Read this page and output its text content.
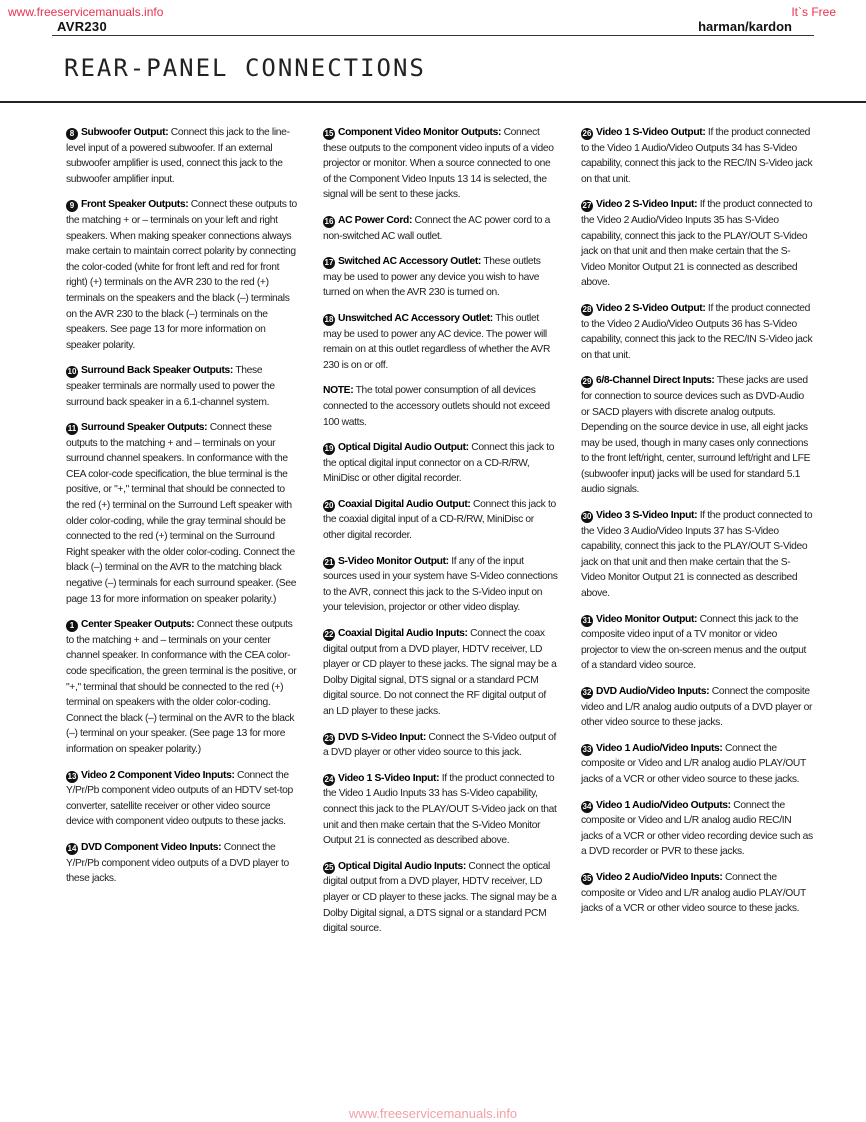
www.freeservicemanuals.info	It`s Free
AVR230	harman/kardon
REAR-PANEL CONNECTIONS

8 Subwoofer Output: Connect this jack to the line-level input of a powered subwoofer. If an external subwoofer amplifier is used, connect this jack to the subwoofer amplifier input.

9 Front Speaker Outputs: Connect these outputs to the matching + or – terminals on your left and right speakers. When making speaker connections always make certain to maintain correct polarity by connecting the color-coded (white for front left and red for front right) (+) terminals on the AVR 230 to the red (+) terminals on the speakers and the black (–) terminals on the AVR 230 to the black (–) terminals on the speakers. See page 13 for more information on speaker polarity.

10 Surround Back Speaker Outputs: These speaker terminals are normally used to power the surround back speaker in a 6.1-channel system.

11 Surround Speaker Outputs: Connect these outputs to the matching + and – terminals on your surround channel speakers. In conformance with the CEA color-code specification, the blue terminal is the positive, or "+," terminal that should be connected to the red (+) terminal on the Surround Left speaker with older color-coding, while the gray terminal should be connected to the red (+) terminal on the Surround Right speaker with the older color-coding. Connect the black (–) terminal on the AVR to the matching black negative (–) terminals for each surround speaker. (See page 13 for more information on speaker polarity.)

1 Center Speaker Outputs: Connect these outputs to the matching + and – terminals on your center channel speaker. In conformance with the CEA color-code specification, the green terminal is the positive, or "+," terminal that should be connected to the red (+) terminal on speakers with the older color-coding. Connect the black (–) terminal on the AVR to the black (–) terminal on your speaker. (See page 13 for more information on speaker polarity.)

13 Video 2 Component Video Inputs: Connect the Y/Pr/Pb component video outputs of an HDTV set-top converter, satellite receiver or other video source device with component video outputs to these jacks.

14 DVD Component Video Inputs: Connect the Y/Pr/Pb component video outputs of a DVD player to these jacks.

15 Component Video Monitor Outputs: Connect these outputs to the component video inputs of a video projector or monitor. When a source connected to one of the Component Video Inputs 13 14 is selected, the signal will be sent to these jacks.

16 AC Power Cord: Connect the AC power cord to a non-switched AC wall outlet.

17 Switched AC Accessory Outlet: These outlets may be used to power any device you wish to have turned on when the AVR 230 is turned on.

18 Unswitched AC Accessory Outlet: This outlet may be used to power any AC device. The power will remain on at this outlet regardless of whether the AVR 230 is on or off.

NOTE: The total power consumption of all devices connected to the accessory outlets should not exceed 100 watts.

19 Optical Digital Audio Output: Connect this jack to the optical digital input connector on a CD-R/RW, MiniDisc or other digital recorder.

20 Coaxial Digital Audio Output: Connect this jack to the coaxial digital input of a CD-R/RW, MiniDisc or other digital recorder.

21 S-Video Monitor Output: If any of the input sources used in your system have S-Video connections to the AVR, connect this jack to the S-Video input on your television, projector or other video display.

22 Coaxial Digital Audio Inputs: Connect the coax digital output from a DVD player, HDTV receiver, LD player or CD player to these jacks. The signal may be a Dolby Digital signal, DTS signal or a standard PCM digital source. Do not connect the RF digital output of an LD player to these jacks.

23 DVD S-Video Input: Connect the S-Video output of a DVD player or other video source to this jack.

24 Video 1 S-Video Input: If the product connected to the Video 1 Audio Inputs 33 has S-Video capability, connect this jack to the PLAY/OUT S-Video jack on that unit and then make certain that the S-Video Monitor Output 21 is connected as described above.

25 Optical Digital Audio Inputs: Connect the optical digital output from a DVD player, HDTV receiver, LD player or CD player to these jacks. The signal may be a Dolby Digital signal, a DTS signal or a standard PCM digital source.

26 Video 1 S-Video Output: If the product connected to the Video 1 Audio/Video Outputs 34 has S-Video capability, connect this jack to the REC/IN S-Video jack on that unit.

27 Video 2 S-Video Input: If the product connected to the Video 2 Audio/Video Inputs 35 has S-Video capability, connect this jack to the PLAY/OUT S-Video jack on that unit and then make certain that the S-Video Monitor Output 21 is connected as described above.

28 Video 2 S-Video Output: If the product connected to the Video 2 Audio/Video Outputs 36 has S-Video capability, connect this jack to the REC/IN S-Video jack on that unit.

29 6/8-Channel Direct Inputs: These jacks are used for connection to source devices such as DVD-Audio or SACD players with discrete analog outputs. Depending on the source device in use, all eight jacks may be used, though in many cases only connections to the front left/right, center, surround left/right and LFE (subwoofer input) jacks will be used for standard 5.1 audio signals.

30 Video 3 S-Video Input: If the product connected to the Video 3 Audio/Video Inputs 37 has S-Video capability, connect this jack to the PLAY/OUT S-Video jack on that unit and then make certain that the S-Video Monitor Output 21 is connected as described above.

31 Video Monitor Output: Connect this jack to the composite video input of a TV monitor or video projector to view the on-screen menus and the output of a standard video source.

32 DVD Audio/Video Inputs: Connect the composite video and L/R analog audio outputs of a DVD player or other video source to these jacks.

33 Video 1 Audio/Video Inputs: Connect the composite or Video and L/R analog audio PLAY/OUT jacks of a VCR or other video source to these jacks.

34 Video 1 Audio/Video Outputs: Connect the composite or Video and L/R analog audio REC/IN jacks of a VCR or other video recording device such as a DVD recorder or PVR to these jacks.

35 Video 2 Audio/Video Inputs: Connect the composite or Video and L/R analog audio PLAY/OUT jacks of a VCR or other video source to these jacks.

www.freeservicemanuals.info
